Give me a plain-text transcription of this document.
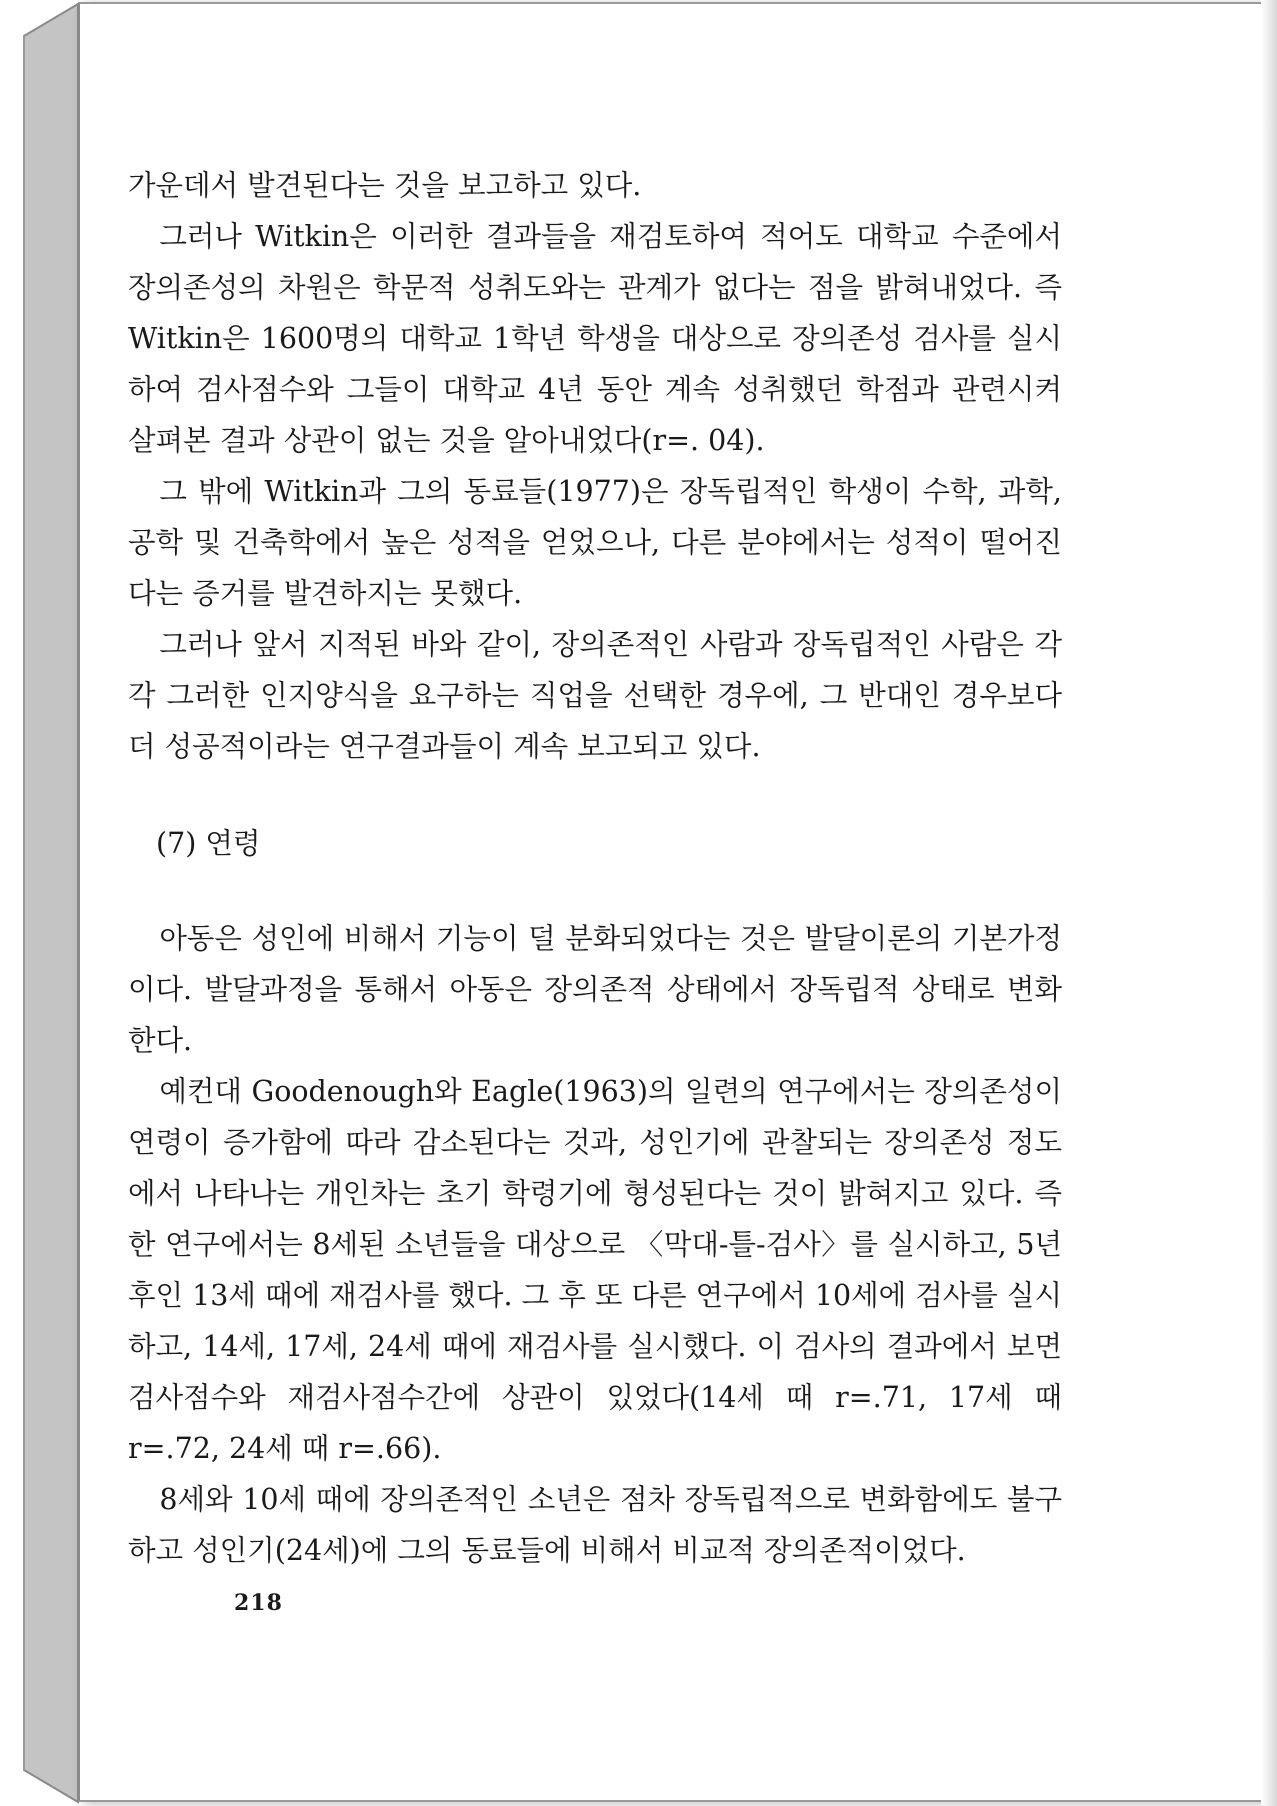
가운데서 발견된다는 것을 보고하고 있다.

그러나 Witkin은 이러한 결과들을 재검토하여 적어도 대학교 수준에서 장의존성의 차원은 학문적 성취도와는 관계가 없다는 점을 밝혀내었다. 즉 Witkin은 1600명의 대학교 1학년 학생을 대상으로 장의존성 검사를 실시하여 검사점수와 그들이 대학교 4년 동안 계속 성취했던 학점과 관련시켜 살펴본 결과 상관이 없는 것을 알아내었다(r=. 04).

그 밖에 Witkin과 그의 동료들(1977)은 장독립적인 학생이 수학, 과학, 공학 및 건축학에서 높은 성적을 얻었으나, 다른 분야에서는 성적이 떨어진다는 증거를 발견하지는 못했다.

그러나 앞서 지적된 바와 같이, 장의존적인 사람과 장독립적인 사람은 각각 그러한 인지양식을 요구하는 직업을 선택한 경우에, 그 반대인 경우보다 더 성공적이라는 연구결과들이 계속 보고되고 있다.

(7) 연령

아동은 성인에 비해서 기능이 덜 분화되었다는 것은 발달이론의 기본가정이다. 발달과정을 통해서 아동은 장의존적 상태에서 장독립적 상태로 변화한다.

예컨대 Goodenough와 Eagle(1963)의 일련의 연구에서는 장의존성이 연령이 증가함에 따라 감소된다는 것과, 성인기에 관찰되는 장의존성 정도에서 나타나는 개인차는 초기 학령기에 형성된다는 것이 밝혀지고 있다. 즉 한 연구에서는 8세된 소년들을 대상으로 〈막대-틀-검사〉를 실시하고, 5년 후인 13세 때에 재검사를 했다. 그 후 또 다른 연구에서 10세에 검사를 실시하고, 14세, 17세, 24세 때에 재검사를 실시했다. 이 검사의 결과에서 보면 검사점수와 재검사점수간에 상관이 있었다(14세 때 r=.71, 17세 때 r=.72, 24세 때 r=.66).

8세와 10세 때에 장의존적인 소년은 점차 장독립적으로 변화함에도 불구하고 성인기(24세)에 그의 동료들에 비해서 비교적 장의존적이었다.

218
